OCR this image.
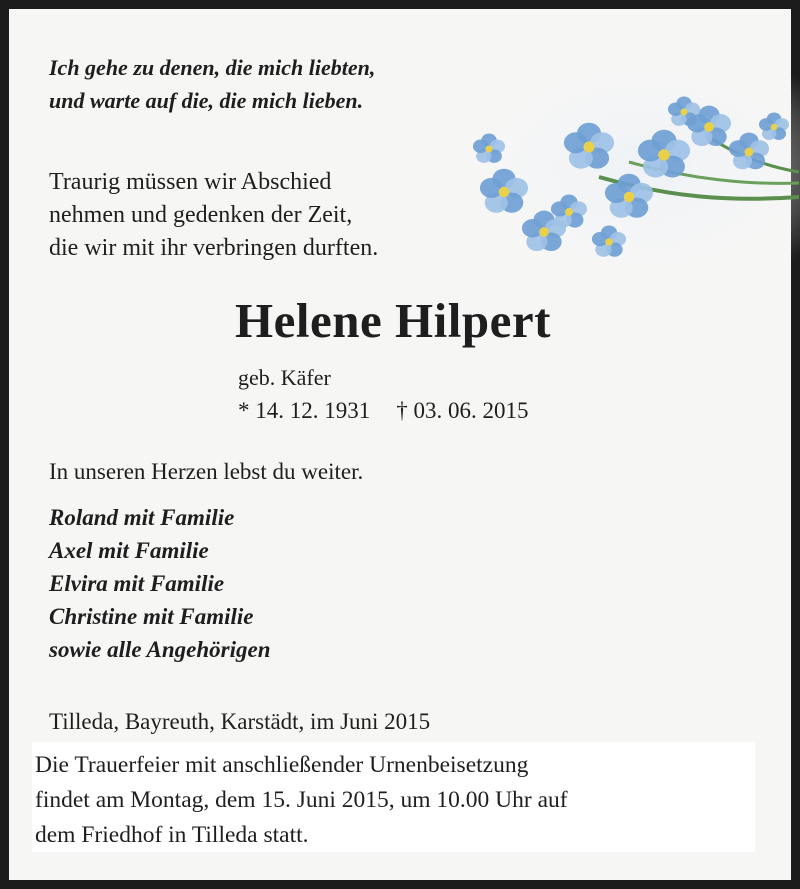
Ich gehe zu denen, die mich liebten,
und warte auf die, die mich lieben.
Traurig müssen wir Abschied
nehmen und gedenken der Zeit,
die wir mit ihr verbringen durften.
Helene Hilpert
geb. Käfer
* 14. 12. 1931 † 03. 06. 2015
In unseren Herzen lebst du weiter.
Roland mit Familie
Axel mit Familie
Elvira mit Familie
Christine mit Familie
sowie alle Angehörigen
Tilleda, Bayreuth, Karstädt, im Juni 2015
Die Trauerfeier mit anschließender Urnenbeisetzung
findet am Montag, dem 15. Juni 2015, um 10.00 Uhr auf
dem Friedhof in Tilleda statt.
